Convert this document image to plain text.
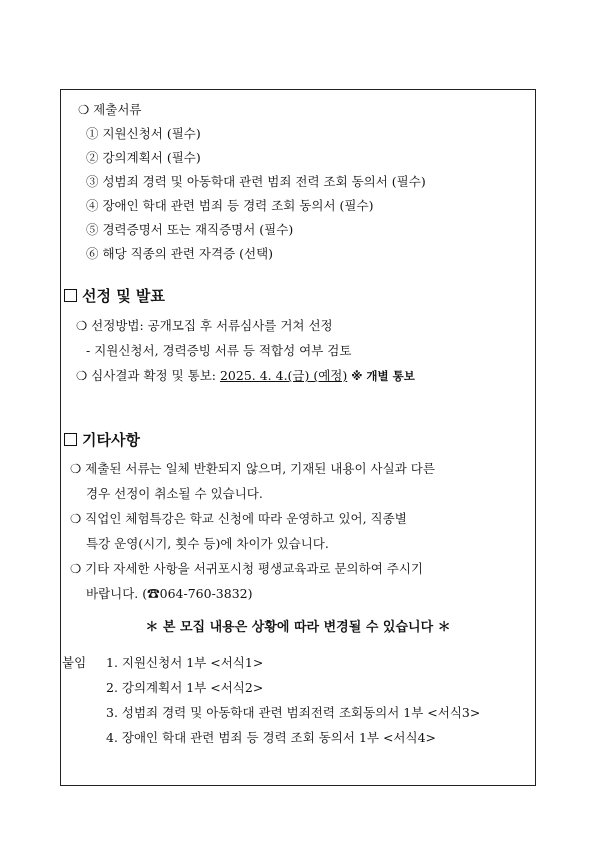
❍ 제출서류
① 지원신청서 (필수)
② 강의계획서 (필수)
③ 성범죄 경력 및 아동학대 관련 범죄 전력 조회 동의서 (필수)
④ 장애인 학대 관련 범죄 등 경력 조회 동의서 (필수)
⑤ 경력증명서 또는 재직증명서 (필수)
⑥ 해당 직종의 관련 자격증 (선택)
선정 및 발표
❍ 선정방법: 공개모집 후 서류심사를 거쳐 선정
- 지원신청서, 경력증빙 서류 등 적합성 여부 검토
❍ 심사결과 확정 및 통보: 2025. 4. 4.(금) (예정) ※ 개별 통보
기타사항
❍ 제출된 서류는 일체 반환되지 않으며, 기재된 내용이 사실과 다른
경우 선정이 취소될 수 있습니다.
❍ 직업인 체험특강은 학교 신청에 따라 운영하고 있어, 직종별
특강 운영(시기, 횟수 등)에 차이가 있습니다.
❍ 기타 자세한 사항을 서귀포시청 평생교육과로 문의하여 주시기
바랍니다. (☎064-760-3832)
＊ 본 모집 내용은 상황에 따라 변경될 수 있습니다 ＊
붙임 1. 지원신청서 1부 <서식1>
2. 강의계획서 1부 <서식2>
3. 성범죄 경력 및 아동학대 관련 범죄전력 조회동의서 1부 <서식3>
4. 장애인 학대 관련 범죄 등 경력 조회 동의서 1부 <서식4>
